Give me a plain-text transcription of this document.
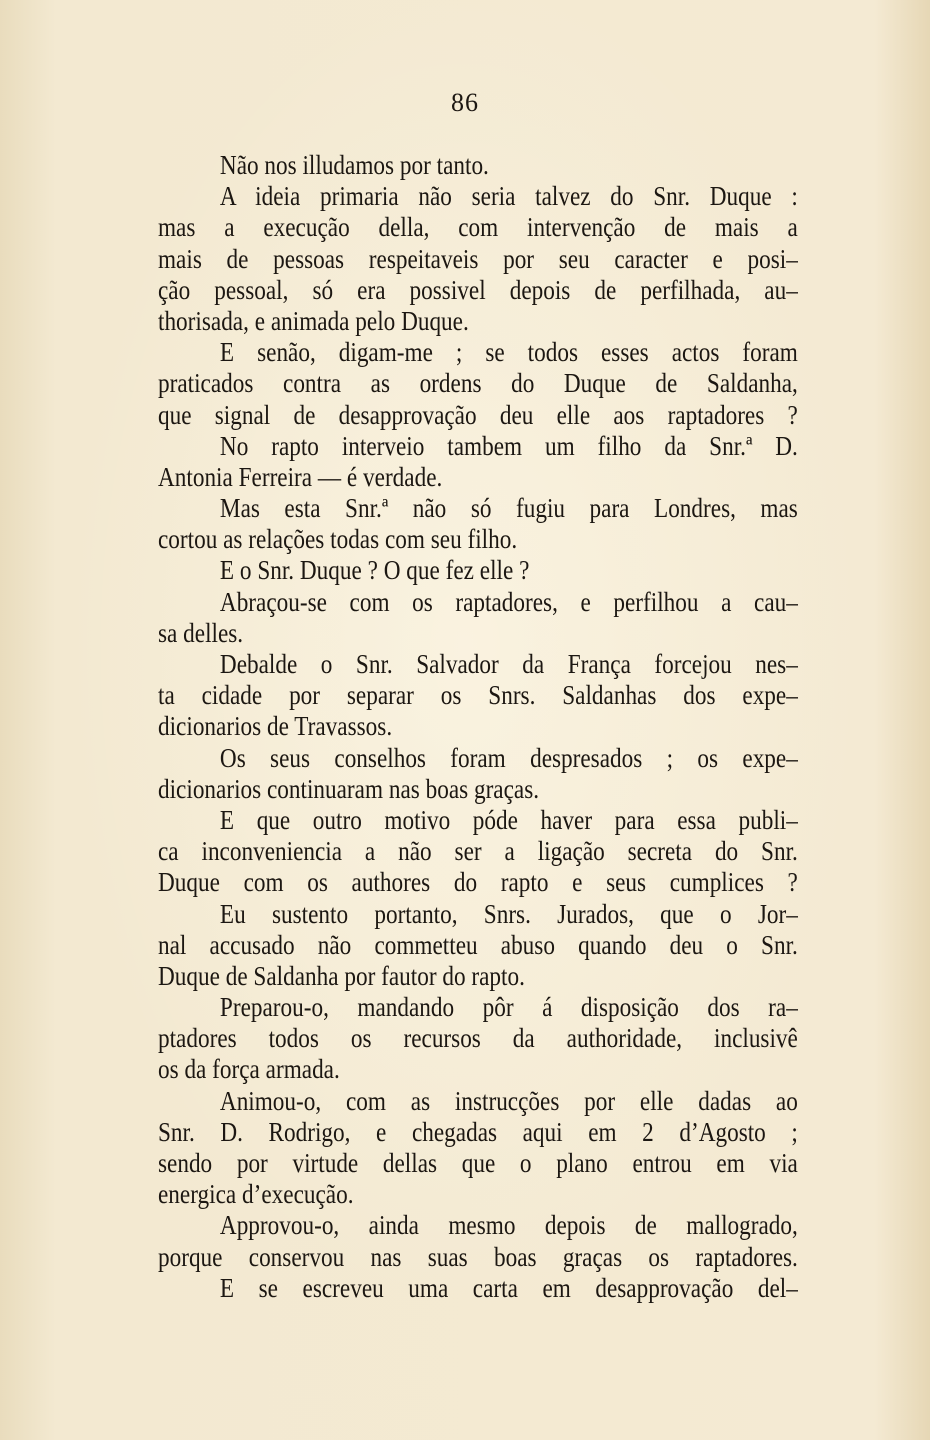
86
Não nos illudamos por tanto.
A ideia primaria não seria talvez do Snr. Duque :
mas a execução della, com intervenção de mais a
mais de pessoas respeitaveis por seu caracter e posi–
ção pessoal, só era possivel depois de perfilhada, au–
thorisada, e animada pelo Duque.
E senão, digam-me ; se todos esses actos foram
praticados contra as ordens do Duque de Saldanha,
que signal de desapprovação deu elle aos raptadores ?
No rapto interveio tambem um filho da Snr.ª D.
Antonia Ferreira — é verdade.
Mas esta Snr.ª não só fugiu para Londres, mas
cortou as relações todas com seu filho.
E o Snr. Duque ? O que fez elle ?
Abraçou-se com os raptadores, e perfilhou a cau–
sa delles.
Debalde o Snr. Salvador da França forcejou nes–
ta cidade por separar os Snrs. Saldanhas dos expe–
dicionarios de Travassos.
Os seus conselhos foram despresados ; os expe–
dicionarios continuaram nas boas graças.
E que outro motivo póde haver para essa publi–
ca inconveniencia a não ser a ligação secreta do Snr.
Duque com os authores do rapto e seus cumplices ?
Eu sustento portanto, Snrs. Jurados, que o Jor–
nal accusado não commetteu abuso quando deu o Snr.
Duque de Saldanha por fautor do rapto.
Preparou-o, mandando pôr á disposição dos ra–
ptadores todos os recursos da authoridade, inclusivê
os da força armada.
Animou-o, com as instrucções por elle dadas ao
Snr. D. Rodrigo, e chegadas aqui em 2 d’Agosto ;
sendo por virtude dellas que o plano entrou em via
energica d’execução.
Approvou-o, ainda mesmo depois de mallogrado,
porque conservou nas suas boas graças os raptadores.
E se escreveu uma carta em desapprovação del–
